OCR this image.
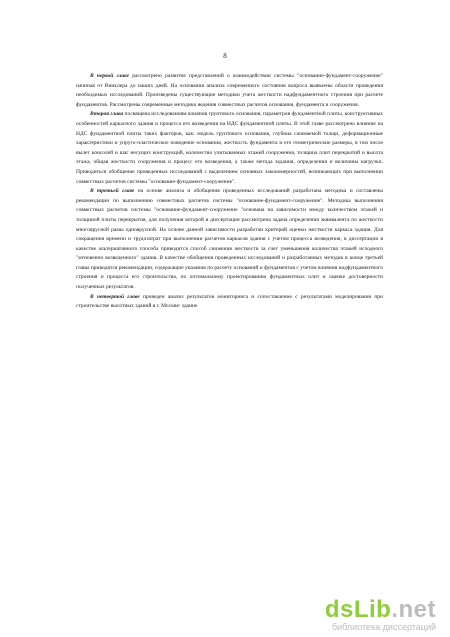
8

В первой главе рассмотрено развитие представлений о взаимодействии системы "основание-фундамент-сооружение" начиная от Винклера до наших дней. На основания анализа современного состояния вопроса выявлены области проведения необходимых исследований. Произведены существующие методики учета жесткости надфундаментного строения при расчете фундаментов. Рассмотрены современные методики ведения совместных расчетов основания, фундамента и сооружения.

Вторая глава посвящена исследованиям влияния грунтового основания, параметров фундаментной плиты, конструктивных особенностей каркасного здания и процесса его возведения на НДС фундаментной плиты. В этой главе рассмотрено влияние на НДС фундаментной плиты таких факторов, как: модель грунтового основания, глубина сжимаемой толщи, деформационные характеристики и упруго-пластическое поведение основания, жесткость фундамента и его геометрические размеры, в том числе вылет консолей и шаг несущих конструкций, количество учитываемых этажей сооружения, толщина плит перекрытий и высота этажа, общая жесткости сооружения и процесс его возведения, а также метода задания, определения и величины нагрузки. Приводиться обобщение проведенных исследований с выделением основных закономерностей, возникающих при выполнении совместных расчетов системы "основание-фундамент-сооружение".

В третьей главе на основе анализа и обобщения проведенных исследований разработана методика и составлены рекомендации по выполнению совместных расчетов системы "основание-фундамент-сооружение". Методика выполнения совместных расчетов системы "основание-фундамент-сооружение "основана на зависимости между количеством этажей и толщиной плиты перекрытия, для получения которой в диссертации рассмотрена задача определения эквивалента по жесткости многоярусной рамы одноярусной. На основе данной зависимости разработан критерий оценки жесткости каркаса здания. Для сокращения времени и трудозатрат при выполнении расчетов каркасов здания с учетом процесса возведения, в диссертации в качестве альтернативного способа приводится способ снижения жесткости за счет уменьшения количества этажей исходного "мгновенно возведенного" здания. В качестве обобщения проведенных исследований и разработанных методик в конце третьей главы приводятся рекомендации, содержащие указания по расчету оснований и фундаментов с учетом влияния надфундаментного строения и процесса его строительства, по оптимальному проектированию фундаментных плит и оценке достоверности полученных результатов.

В четвертой главе проведен анализ результатов мониторинга и сопоставление с результатами моделирования при строительстве высотных зданий в г. Москве: здание

dsLib.net
библиотека диссертаций
